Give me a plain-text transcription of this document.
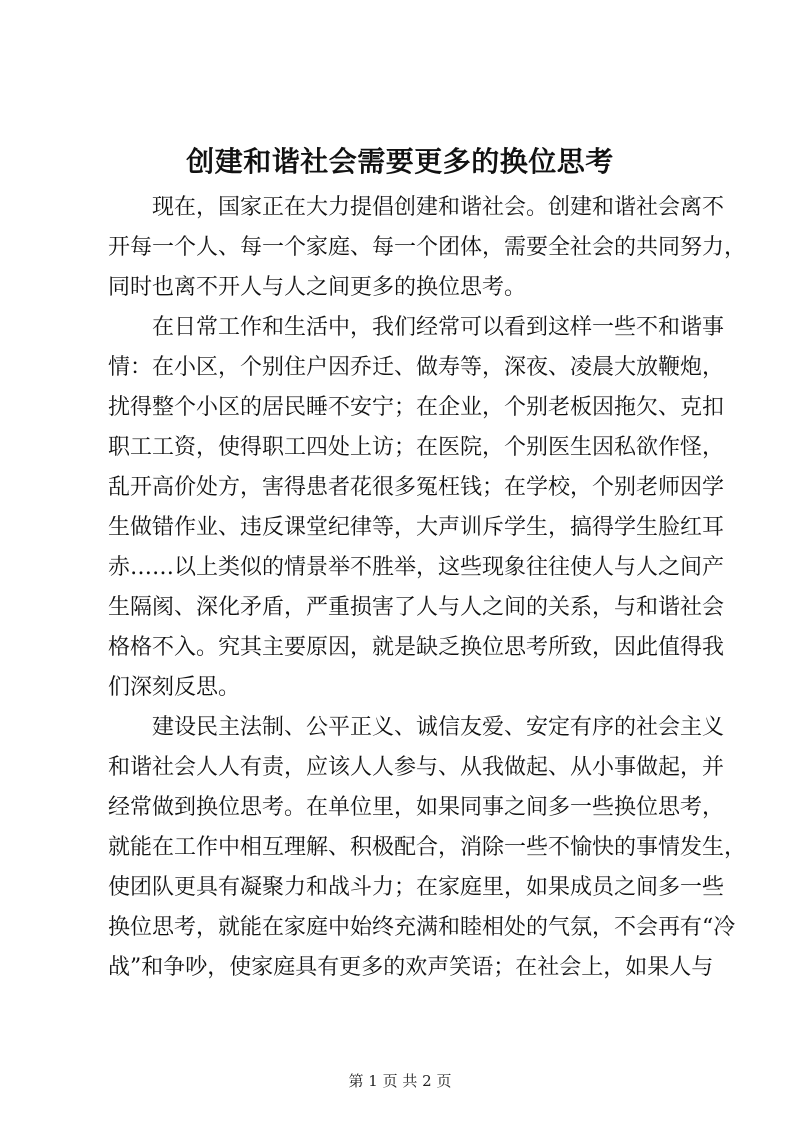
创建和谐社会需要更多的换位思考
现在，国家正在大力提倡创建和谐社会。创建和谐社会离不
开每一个人、每一个家庭、每一个团体，需要全社会的共同努力，
同时也离不开人与人之间更多的换位思考。
在日常工作和生活中，我们经常可以看到这样一些不和谐事
情：在小区，个别住户因乔迁、做寿等，深夜、凌晨大放鞭炮，
扰得整个小区的居民睡不安宁；在企业，个别老板因拖欠、克扣
职工工资，使得职工四处上访；在医院，个别医生因私欲作怪，
乱开高价处方，害得患者花很多冤枉钱；在学校，个别老师因学
生做错作业、违反课堂纪律等，大声训斥学生，搞得学生脸红耳
赤……以上类似的情景举不胜举，这些现象往往使人与人之间产
生隔阂、深化矛盾，严重损害了人与人之间的关系，与和谐社会
格格不入。究其主要原因，就是缺乏换位思考所致，因此值得我
们深刻反思。
建设民主法制、公平正义、诚信友爱、安定有序的社会主义
和谐社会人人有责，应该人人参与、从我做起、从小事做起，并
经常做到换位思考。在单位里，如果同事之间多一些换位思考，
就能在工作中相互理解、积极配合，消除一些不愉快的事情发生，
使团队更具有凝聚力和战斗力；在家庭里，如果成员之间多一些
换位思考，就能在家庭中始终充满和睦相处的气氛，不会再有“冷
战”和争吵，使家庭具有更多的欢声笑语；在社会上，如果人与
第 1 页 共 2 页
